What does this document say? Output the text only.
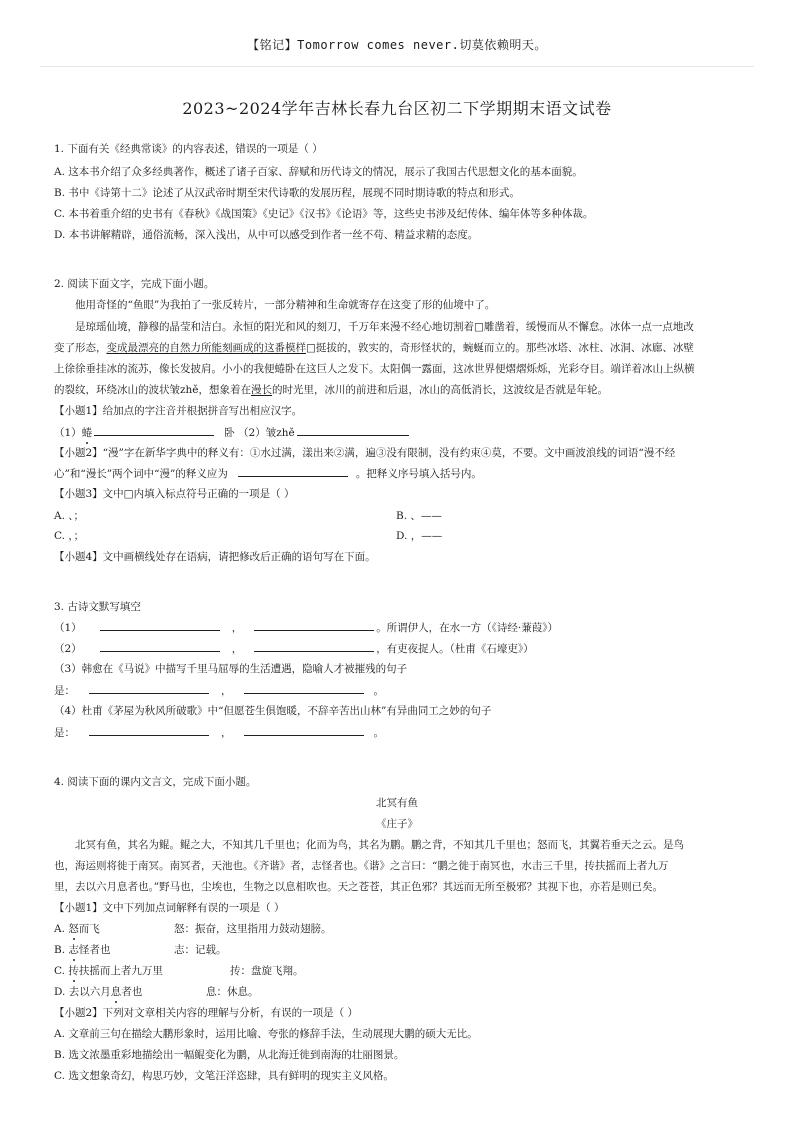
【铭记】Tomorrow comes never.切莫依赖明天。
2023~2024学年吉林长春九台区初二下学期期末语文试卷
1. 下面有关《经典常谈》的内容表述，错误的一项是（ ）
A. 这本书介绍了众多经典著作，概述了诸子百家、辞赋和历代诗文的情况，展示了我国古代思想文化的基本面貌。
B. 书中《诗第十二》论述了从汉武帝时期至宋代诗歌的发展历程，展现不同时期诗歌的特点和形式。
C. 本书着重介绍的史书有《春秋》《战国策》《史记》《汉书》《论语》等，这些史书涉及纪传体、编年体等多种体裁。
D. 本书讲解精辟，通俗流畅，深入浅出，从中可以感受到作者一丝不苟、精益求精的态度。
2. 阅读下面文字，完成下面小题。
他用奇怪的“鱼眼”为我拍了一张反转片，一部分精神和生命就寄存在这变了形的仙境中了。
是琼瑶仙境，静穆的晶莹和洁白。永恒的阳光和风的刻刀，千万年来漫不经心地切割着□雕凿着，缓慢而从不懈怠。冰体一点一点地改
变了形态，变成最漂亮的自然力所能刻画成的这番模样□挺拔的，敦实的，奇形怪状的，蜿蜒而立的。那些冰塔、冰柱、冰洞、冰廊、冰壁
上徐徐垂挂冰的流苏，像长发披肩。小小的我便蜷卧在这巨人之发下。太阳偶一露面，这冰世界便熠熠烁烁，光彩夺目。端详着冰山上纵横
的裂纹，环绕冰山的波状皱zhě，想象着在漫长的时光里，冰川的前进和后退，冰山的高低消长，这波纹是否就是年轮。
【小题1】给加点的字注音并根据拼音写出相应汉字。
（1）蜷	卧 （2）皱zhě
【小题2】“漫”字在新华字典中的释义有：①水过满，漾出来②满，遍③没有限制，没有约束④莫，不要。文中画波浪线的词语“漫不经
心”和“漫长”两个词中“漫”的释义应为	。把释义序号填入括号内。
【小题3】文中□内填入标点符号正确的一项是（ ）
A. 、；	B. 、——
C. ，；	D. ，——
【小题4】文中画横线处存在语病，请把修改后正确的语句写在下面。
3. 古诗文默写填空
（1）	，	。所谓伊人，在水一方（《诗经·蒹葭》）
（2）	，	，有吏夜捉人。（杜甫《石壕吏》）
（3）韩愈在《马说》中描写千里马屈辱的生活遭遇，隐喻人才被摧残的句子
是：	，	。
（4）杜甫《茅屋为秋风所破歌》中“但愿苍生俱饱暖，不辞辛苦出山林”有异曲同工之妙的句子
是：	，	。
4. 阅读下面的课内文言文，完成下面小题。
北冥有鱼
《庄子》
北冥有鱼，其名为鲲。鲲之大，不知其几千里也；化而为鸟，其名为鹏。鹏之背，不知其几千里也；怒而飞，其翼若垂天之云。是鸟
也，海运则将徙于南冥。南冥者，天池也。《齐谐》者，志怪者也。《谐》之言曰：“鹏之徙于南冥也，水击三千里，抟扶摇而上者九万
里，去以六月息者也。”野马也，尘埃也，生物之以息相吹也。天之苍苍，其正色邪？其远而无所至极邪？其视下也，亦若是则已矣。
【小题1】文中下列加点词解释有误的一项是（ ）
A. 怒而飞	怒：振奋，这里指用力鼓动翅膀。
B. 志怪者也	志：记载。
C. 抟扶摇而上者九万里	抟：盘旋飞翔。
D. 去以六月息者也	息：休息。
【小题2】下列对文章相关内容的理解与分析，有误的一项是（ ）
A. 文章前三句在描绘大鹏形象时，运用比喻、夸张的修辞手法，生动展现大鹏的硕大无比。
B. 选文浓墨重彩地描绘出一幅鲲变化为鹏，从北海迁徙到南海的壮丽图景。
C. 选文想象奇幻，构思巧妙，文笔汪洋恣肆，具有鲜明的现实主义风格。
